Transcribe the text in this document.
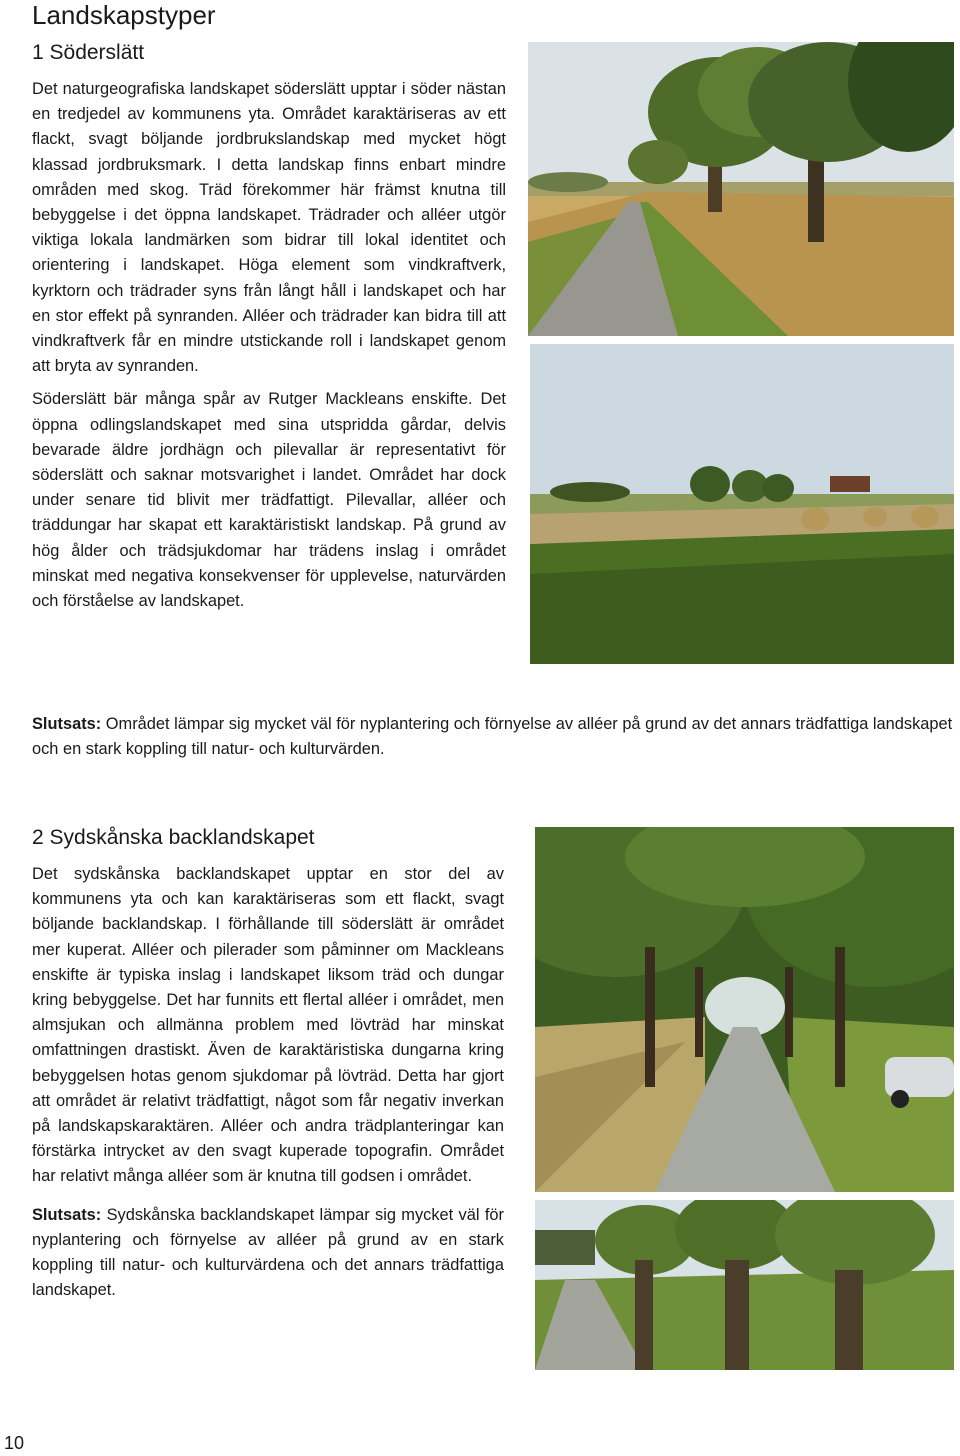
Landskapstyper
1 Söderslätt

Det naturgeografiska landskapet söderslätt upptar i söder nästan en tredjedel av kommunens yta. Området karaktäriseras av ett flackt, svagt böljande jordbrukslandskap med mycket högt klassad jordbruksmark. I detta landskap finns enbart mindre områden med skog. Träd förekommer här främst knutna till bebyggelse i det öppna landskapet. Trädrader och alléer utgör viktiga lokala landmärken som bidrar till lokal identitet och orientering i landskapet. Höga element som vindkraftverk, kyrktorn och trädrader syns från långt håll i landskapet och har en stor effekt på synranden. Alléer och trädrader kan bidra till att vindkraftverk får en mindre utstickande roll i landskapet genom att bryta av synranden.

Söderslätt bär många spår av Rutger Mackleans enskifte. Det öppna odlingslandskapet med sina utspridda gårdar, delvis bevarade äldre jordhägn och pilevallar är representativt för söderslätt och saknar motsvarighet i landet. Området har dock under senare tid blivit mer trädfattigt. Pilevallar, alléer och träddungar har skapat ett karaktäristiskt landskap. På grund av hög ålder och trädsjukdomar har trädens inslag i området minskat med negativa konsekvenser för upplevelse, naturvärden och förståelse av landskapet.

Slutsats: Området lämpar sig mycket väl för nyplantering och förnyelse av alléer på grund av det annars trädfattiga landskapet och en stark koppling till natur- och kulturvärden.

2 Sydskånska backlandskapet

Det sydskånska backlandskapet upptar en stor del av kommunens yta och kan karaktäriseras som ett flackt, svagt böljande backlandskap. I förhållande till söderslätt är området mer kuperat. Alléer och pilerader som påminner om Mackleans enskifte är typiska inslag i landskapet liksom träd och dungar kring bebyggelse. Det har funnits ett flertal alléer i området, men almsjukan och allmänna problem med lövträd har minskat omfattningen drastiskt. Även de karaktäristiska dungarna kring bebyggelsen hotas genom sjukdomar på lövträd. Detta har gjort att området är relativt trädfattigt, något som får negativ inverkan på landskapskaraktären. Alléer och andra trädplanteringar kan förstärka intrycket av den svagt kuperade topografin. Området har relativt många alléer som är knutna till godsen i området.

Slutsats: Sydskånska backlandskapet lämpar sig mycket väl för nyplantering och förnyelse av alléer på grund av en stark koppling till natur- och kulturvärdena och det annars trädfattiga landskapet.

10
